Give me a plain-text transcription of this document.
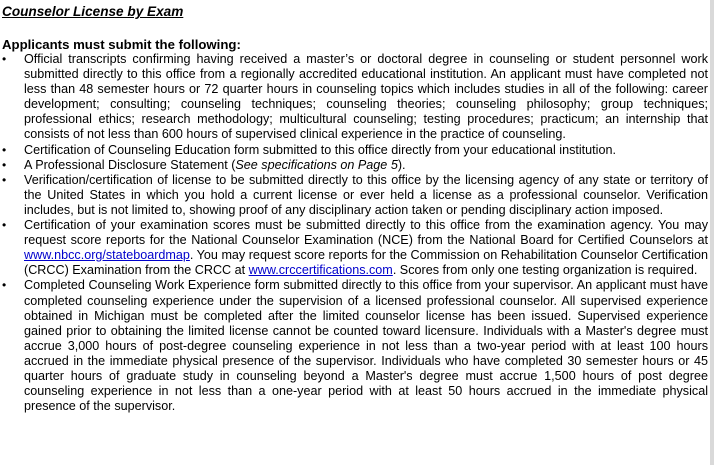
Counselor License by Exam
Applicants must submit the following:
• Official transcripts confirming having received a master’s or doctoral degree in counseling or student personnel work submitted directly to this office from a regionally accredited educational institution. An applicant must have completed not less than 48 semester hours or 72 quarter hours in counseling topics which includes studies in all of the following: career development; consulting; counseling techniques; counseling theories; counseling philosophy; group techniques; professional ethics; research methodology; multicultural counseling; testing procedures; practicum; an internship that consists of not less than 600 hours of supervised clinical experience in the practice of counseling.
• Certification of Counseling Education form submitted to this office directly from your educational institution.
• A Professional Disclosure Statement (See specifications on Page 5).
• Verification/certification of license to be submitted directly to this office by the licensing agency of any state or territory of the United States in which you hold a current license or ever held a license as a professional counselor. Verification includes, but is not limited to, showing proof of any disciplinary action taken or pending disciplinary action imposed.
• Certification of your examination scores must be submitted directly to this office from the examination agency. You may request score reports for the National Counselor Examination (NCE) from the National Board for Certified Counselors at www.nbcc.org/stateboardmap. You may request score reports for the Commission on Rehabilitation Counselor Certification (CRCC) Examination from the CRCC at www.crccertifications.com. Scores from only one testing organization is required.
• Completed Counseling Work Experience form submitted directly to this office from your supervisor. An applicant must have completed counseling experience under the supervision of a licensed professional counselor. All supervised experience obtained in Michigan must be completed after the limited counselor license has been issued. Supervised experience gained prior to obtaining the limited license cannot be counted toward licensure. Individuals with a Master's degree must accrue 3,000 hours of post-degree counseling experience in not less than a two-year period with at least 100 hours accrued in the immediate physical presence of the supervisor. Individuals who have completed 30 semester hours or 45 quarter hours of graduate study in counseling beyond a Master's degree must accrue 1,500 hours of post degree counseling experience in not less than a one-year period with at least 50 hours accrued in the immediate physical presence of the supervisor.
